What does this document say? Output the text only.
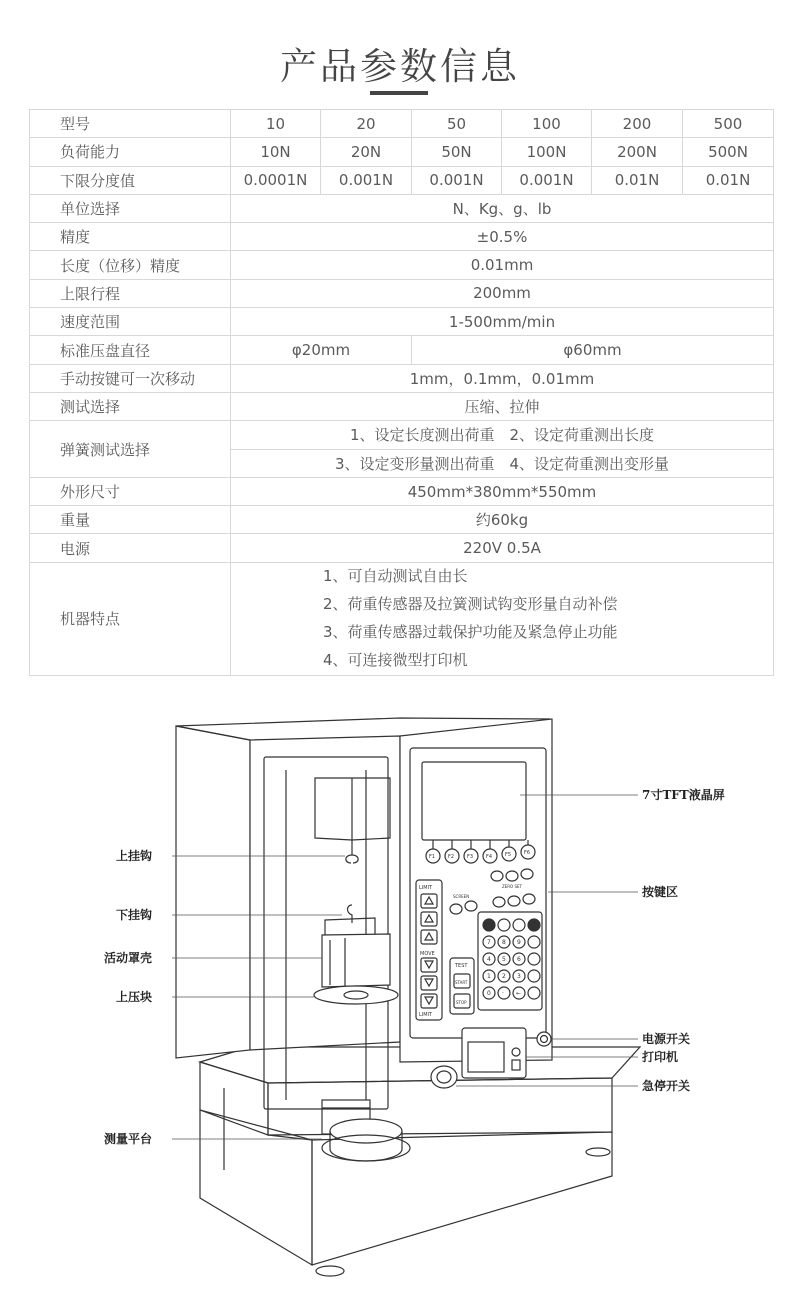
产品参数信息
型号	10	20	50	100	200	500
负荷能力	10N	20N	50N	100N	200N	500N
下限分度值	0.0001N	0.001N	0.001N	0.001N	0.01N	0.01N
单位选择	N、Kg、g、lb					
精度	±0.5%					
长度（位移）精度	0.01mm					
上限行程	200mm					
速度范围	1-500mm/min					
标准压盘直径	φ20mm		φ60mm			
手动按键可一次移动	1mm，0.1mm，0.01mm					
测试选择	压缩、拉伸					
弹簧测试选择	1、设定长度测出荷重　2、设定荷重测出长度					
	3、设定变形量测出荷重　4、设定荷重测出变形量					
外形尺寸	450mm*380mm*550mm					
重量	约60kg					
电源	220V 0.5A					
机器特点	1、可自动测试自由长
2、荷重传感器及拉簧测试钩变形量自动补偿
3、荷重传感器过载保护功能及紧急停止功能
4、可连接微型打印机					
F1	F2	F3	F4	F5	F6
LIMIT
MOVE
LIMIT
SCREEN
ZERO SET
TEST
START
STOP
7 8 9
4 5 6
1 2 3
0 · ←
上挂钩
下挂钩
活动罩壳
上压块
测量平台
7寸TFT液晶屏
按键区
电源开关
打印机
急停开关
